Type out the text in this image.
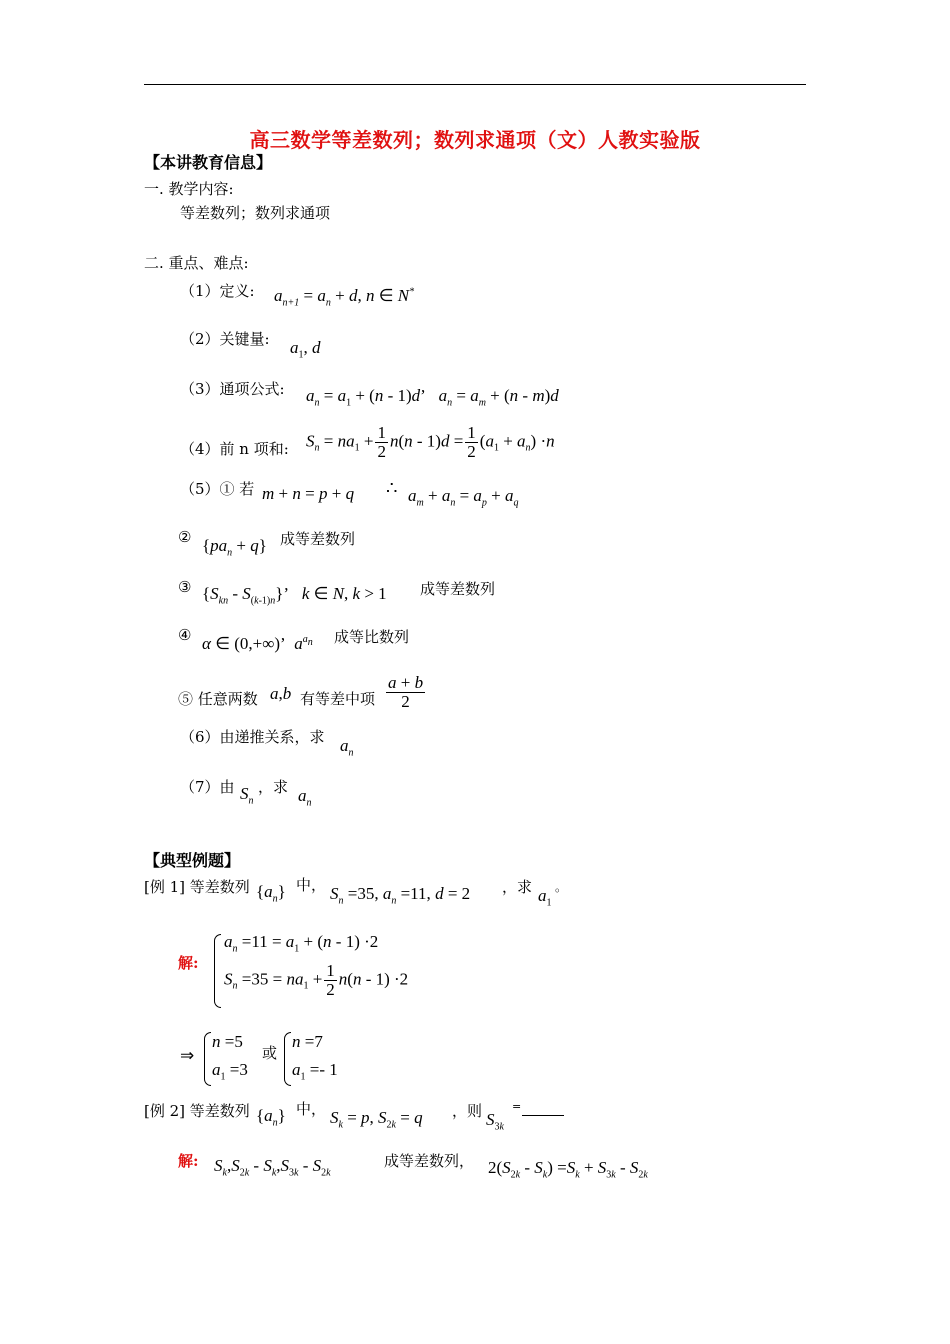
高三数学等差数列；数列求通项（文）人教实验版
【本讲教育信息】
一. 教学内容:
等差数列；数列求通项
二. 重点、难点:
（1）定义: $a_{n+1} = a_n + d$, n ∈ N*
（2）关键量: $a_1$, d
（3）通项公式: $a_n = a_1 + (n - 1)d$’   $a_n = a_m + (n - m)d$
（4）前 n 项和: $S_n = na_1 + \frac{1}{2} n(n - 1)d = \frac{1}{2} (a_1 + a_n) \cdot n$
（5）① 若 m + n = p + q ∴ $a_m + a_n = a_p + a_q$
② $\{pa_n + q\}$ 成等差数列
③ $\{S_{kn} - S_{(k-1)n}\}$’   k ∈ N, k > 1 成等差数列
④ α ∈ (0,+∞)’  $a^{a_n}$ 成等比数列
⑤ 任意两数 a,b 有等差中项 $\frac{a + b}{2}$
（6）由递推关系，求 $a_n$
（7）由 $S_n$
，求 $a_n$
【典型例题】
[例 1] 等差数列 $\{a_n\}$ 中， $S_n =35$, $a_n =11$, d = 2 ，求 $a_1$
。
解:
$a_n =11 = a_1 + (n - 1) \cdot 2$
$S_n =35 = na_1 + \frac{1}{2} n(n - 1) \cdot 2$
⇒
n =5
$a_1 =3$
或
n =7
$a_1 =- 1$
[例 2] 等差数列 $\{a_n\}$ 中， $S_k = p$, $S_{2k} = q$ ，则 $S_{3k}$
=
解: $S_k,S_{2k} - S_k,S_{3k} - S_{2k}$
成等差数列， $2(S_{2k} - S_k) =S_k + S_{3k} - S_{2k}$
